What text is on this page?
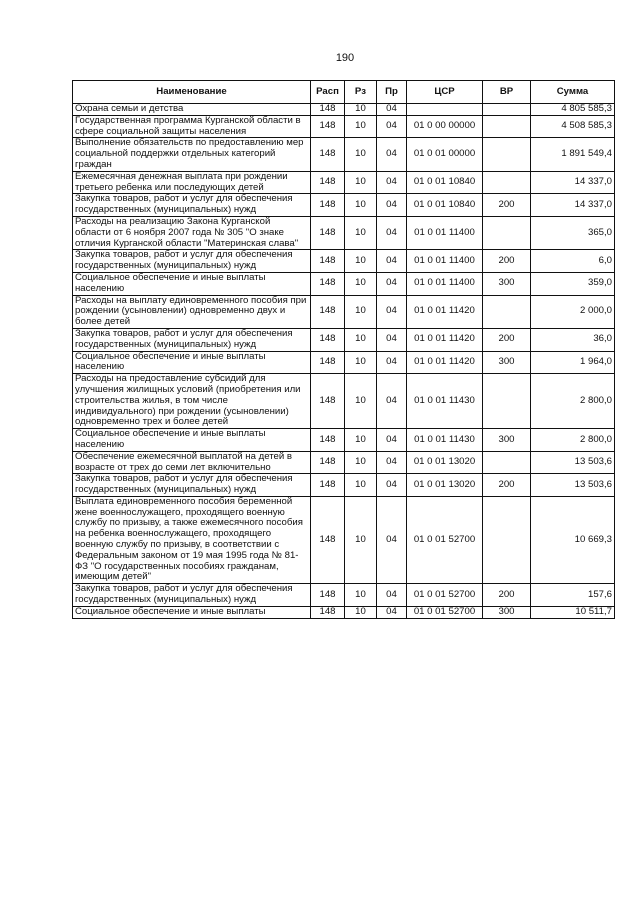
190
Наименование	Расп	Рз	Пр	ЦСР	ВР	Сумма
Охрана семьи и детства	148	10	04			4 805 585,3
Государственная программа Курганской области в сфере социальной защиты населения	148	10	04	01 0 00 00000		4 508 585,3
Выполнение обязательств по предоставлению мер социальной поддержки отдельных категорий граждан	148	10	04	01 0 01 00000		1 891 549,4
Ежемесячная денежная выплата при рождении третьего ребенка или последующих детей	148	10	04	01 0 01 10840		14 337,0
Закупка товаров, работ и услуг для обеспечения государственных (муниципальных) нужд	148	10	04	01 0 01 10840	200	14 337,0
Расходы на реализацию Закона Курганской области от 6 ноября 2007 года № 305 "О знаке отличия Курганской области "Материнская слава"	148	10	04	01 0 01 11400		365,0
Закупка товаров, работ и услуг для обеспечения государственных (муниципальных) нужд	148	10	04	01 0 01 11400	200	6,0
Социальное обеспечение и иные выплаты населению	148	10	04	01 0 01 11400	300	359,0
Расходы на выплату единовременного пособия при рождении (усыновлении) одновременно двух и более детей	148	10	04	01 0 01 11420		2 000,0
Закупка товаров, работ и услуг для обеспечения государственных (муниципальных) нужд	148	10	04	01 0 01 11420	200	36,0
Социальное обеспечение и иные выплаты населению	148	10	04	01 0 01 11420	300	1 964,0
Расходы на предоставление субсидий для улучшения жилищных условий (приобретения или строительства жилья, в том числе индивидуального) при рождении (усыновлении) одновременно трех и более детей	148	10	04	01 0 01 11430		2 800,0
Социальное обеспечение и иные выплаты населению	148	10	04	01 0 01 11430	300	2 800,0
Обеспечение ежемесячной выплатой на детей в возрасте от трех до семи лет включительно	148	10	04	01 0 01 13020		13 503,6
Закупка товаров, работ и услуг для обеспечения государственных (муниципальных) нужд	148	10	04	01 0 01 13020	200	13 503,6
Выплата единовременного пособия беременной жене военнослужащего, проходящего военную службу по призыву, а также ежемесячного пособия на ребенка военнослужащего, проходящего военную службу по призыву, в соответствии с Федеральным законом от 19 мая 1995 года № 81-ФЗ "О государственных пособиях гражданам, имеющим детей"	148	10	04	01 0 01 52700		10 669,3
Закупка товаров, работ и услуг для обеспечения государственных (муниципальных) нужд	148	10	04	01 0 01 52700	200	157,6
Социальное обеспечение и иные выплаты	148	10	04	01 0 01 52700	300	10 511,7
